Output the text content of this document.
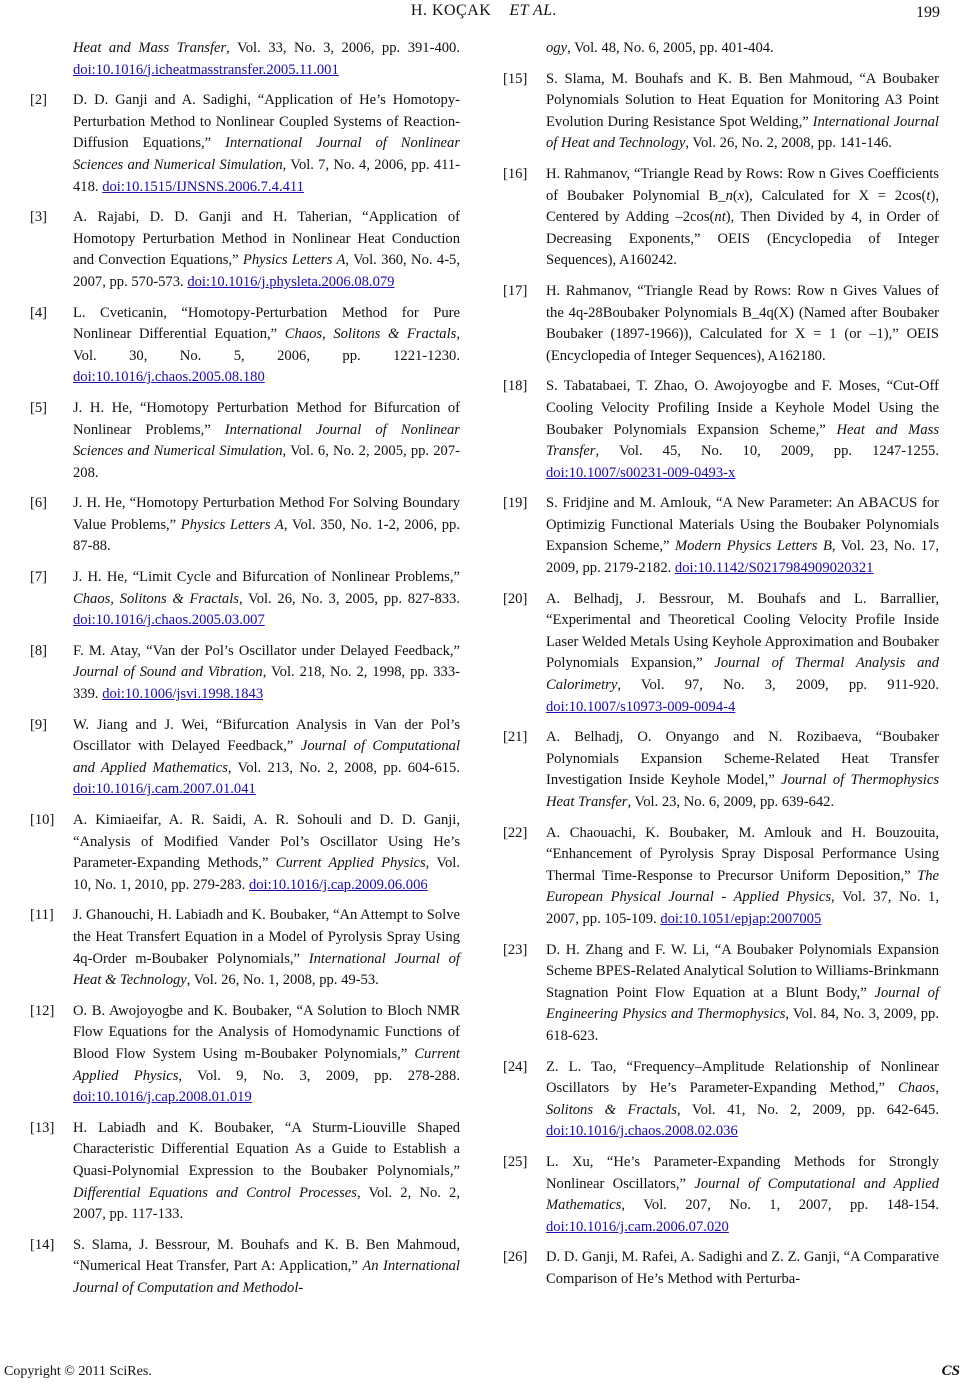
H. KOÇAK ET AL.	199
Heat and Mass Transfer, Vol. 33, No. 3, 2006, pp. 391-400. doi:10.1016/j.icheatmasstransfer.2005.11.001
[2] D. D. Ganji and A. Sadighi, “Application of He’s Homotopy-Perturbation Method to Nonlinear Coupled Systems of Reaction-Diffusion Equations,” International Journal of Nonlinear Sciences and Numerical Simulation, Vol. 7, No. 4, 2006, pp. 411-418. doi:10.1515/IJNSNS.2006.7.4.411
[3] A. Rajabi, D. D. Ganji and H. Taherian, “Application of Homotopy Perturbation Method in Nonlinear Heat Conduction and Convection Equations,” Physics Letters A, Vol. 360, No. 4-5, 2007, pp. 570-573. doi:10.1016/j.physleta.2006.08.079
[4] L. Cveticanin, “Homotopy-Perturbation Method for Pure Nonlinear Differential Equation,” Chaos, Solitons & Fractals, Vol. 30, No. 5, 2006, pp. 1221-1230. doi:10.1016/j.chaos.2005.08.180
[5] J. H. He, “Homotopy Perturbation Method for Bifurcation of Nonlinear Problems,” International Journal of Nonlinear Sciences and Numerical Simulation, Vol. 6, No. 2, 2005, pp. 207-208.
[6] J. H. He, “Homotopy Perturbation Method For Solving Boundary Value Problems,” Physics Letters A, Vol. 350, No. 1-2, 2006, pp. 87-88.
[7] J. H. He, “Limit Cycle and Bifurcation of Nonlinear Problems,” Chaos, Solitons & Fractals, Vol. 26, No. 3, 2005, pp. 827-833. doi:10.1016/j.chaos.2005.03.007
[8] F. M. Atay, “Van der Pol’s Oscillator under Delayed Feedback,” Journal of Sound and Vibration, Vol. 218, No. 2, 1998, pp. 333-339. doi:10.1006/jsvi.1998.1843
[9] W. Jiang and J. Wei, “Bifurcation Analysis in Van der Pol’s Oscillator with Delayed Feedback,” Journal of Computational and Applied Mathematics, Vol. 213, No. 2, 2008, pp. 604-615. doi:10.1016/j.cam.2007.01.041
[10] A. Kimiaeifar, A. R. Saidi, A. R. Sohouli and D. D. Ganji, “Analysis of Modified Vander Pol’s Oscillator Using He’s Parameter-Expanding Methods,” Current Applied Physics, Vol. 10, No. 1, 2010, pp. 279-283. doi:10.1016/j.cap.2009.06.006
[11] J. Ghanouchi, H. Labiadh and K. Boubaker, “An Attempt to Solve the Heat Transfert Equation in a Model of Pyrolysis Spray Using 4q-Order m-Boubaker Polynomials,” International Journal of Heat & Technology, Vol. 26, No. 1, 2008, pp. 49-53.
[12] O. B. Awojoyogbe and K. Boubaker, “A Solution to Bloch NMR Flow Equations for the Analysis of Homodynamic Functions of Blood Flow System Using m-Boubaker Polynomials,” Current Applied Physics, Vol. 9, No. 3, 2009, pp. 278-288. doi:10.1016/j.cap.2008.01.019
[13] H. Labiadh and K. Boubaker, “A Sturm-Liouville Shaped Characteristic Differential Equation As a Guide to Establish a Quasi-Polynomial Expression to the Boubaker Polynomials,” Differential Equations and Control Processes, Vol. 2, No. 2, 2007, pp. 117-133.
[14] S. Slama, J. Bessrour, M. Bouhafs and K. B. Ben Mahmoud, “Numerical Heat Transfer, Part A: Application,” An International Journal of Computation and Methodol-
ogy, Vol. 48, No. 6, 2005, pp. 401-404.
[15] S. Slama, M. Bouhafs and K. B. Ben Mahmoud, “A Boubaker Polynomials Solution to Heat Equation for Monitoring A3 Point Evolution During Resistance Spot Welding,” International Journal of Heat and Technology, Vol. 26, No. 2, 2008, pp. 141-146.
[16] H. Rahmanov, “Triangle Read by Rows: Row n Gives Coefficients of Boubaker Polynomial B_n(x), Calculated for X = 2cos(t), Centered by Adding –2cos(nt), Then Divided by 4, in Order of Decreasing Exponents,” OEIS (Encyclopedia of Integer Sequences), A160242.
[17] H. Rahmanov, “Triangle Read by Rows: Row n Gives Values of the 4q-28Boubaker Polynomials B_4q(X) (Named after Boubaker Boubaker (1897-1966)), Calculated for X = 1 (or –1),” OEIS (Encyclopedia of Integer Sequences), A162180.
[18] S. Tabatabaei, T. Zhao, O. Awojoyogbe and F. Moses, “Cut-Off Cooling Velocity Profiling Inside a Keyhole Model Using the Boubaker Polynomials Expansion Scheme,” Heat and Mass Transfer, Vol. 45, No. 10, 2009, pp. 1247-1255. doi:10.1007/s00231-009-0493-x
[19] S. Fridjine and M. Amlouk, “A New Parameter: An ABACUS for Optimizig Functional Materials Using the Boubaker Polynomials Expansion Scheme,” Modern Physics Letters B, Vol. 23, No. 17, 2009, pp. 2179-2182. doi:10.1142/S0217984909020321
[20] A. Belhadj, J. Bessrour, M. Bouhafs and L. Barrallier, “Experimental and Theoretical Cooling Velocity Profile Inside Laser Welded Metals Using Keyhole Approximation and Boubaker Polynomials Expansion,” Journal of Thermal Analysis and Calorimetry, Vol. 97, No. 3, 2009, pp. 911-920. doi:10.1007/s10973-009-0094-4
[21] A. Belhadj, O. Onyango and N. Rozibaeva, “Boubaker Polynomials Expansion Scheme-Related Heat Transfer Investigation Inside Keyhole Model,” Journal of Thermophysics Heat Transfer, Vol. 23, No. 6, 2009, pp. 639-642.
[22] A. Chaouachi, K. Boubaker, M. Amlouk and H. Bouzouita, “Enhancement of Pyrolysis Spray Disposal Performance Using Thermal Time-Response to Precursor Uniform Deposition,” The European Physical Journal - Applied Physics, Vol. 37, No. 1, 2007, pp. 105-109. doi:10.1051/epjap:2007005
[23] D. H. Zhang and F. W. Li, “A Boubaker Polynomials Expansion Scheme BPES-Related Analytical Solution to Williams-Brinkmann Stagnation Point Flow Equation at a Blunt Body,” Journal of Engineering Physics and Thermophysics, Vol. 84, No. 3, 2009, pp. 618-623.
[24] Z. L. Tao, “Frequency–Amplitude Relationship of Nonlinear Oscillators by He’s Parameter-Expanding Method,” Chaos, Solitons & Fractals, Vol. 41, No. 2, 2009, pp. 642-645. doi:10.1016/j.chaos.2008.02.036
[25] L. Xu, “He’s Parameter-Expanding Methods for Strongly Nonlinear Oscillators,” Journal of Computational and Applied Mathematics, Vol. 207, No. 1, 2007, pp. 148-154. doi:10.1016/j.cam.2006.07.020
[26] D. D. Ganji, M. Rafei, A. Sadighi and Z. Z. Ganji, “A Comparative Comparison of He’s Method with Perturba-
Copyright © 2011 SciRes.	CS
